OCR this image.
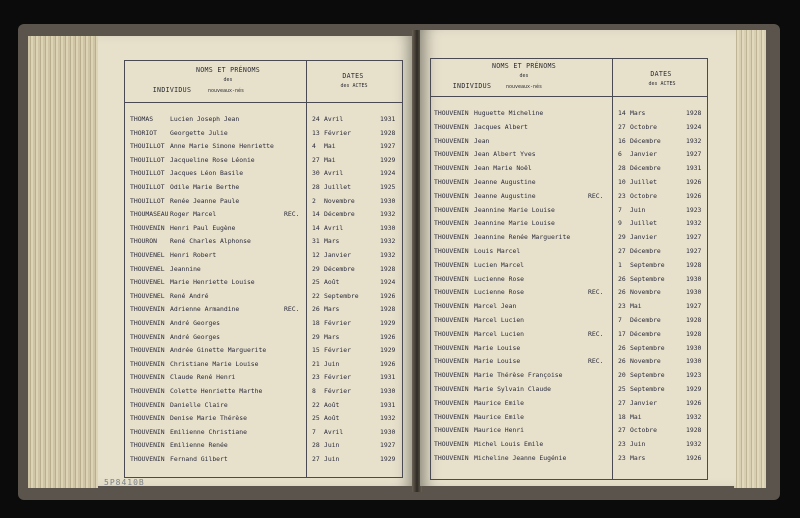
NOMS ET PRÉNOMS
des
INDIVIDUS	nouveaux-nés
DATES
des ACTES
THOMAS	Lucien Joseph Jean	24 Avril	1931
THORIOT Georgette Julie	13 Février	1928
THOUILLOT Anne Marie Simone Henriette	4 Mai	1927
THOUILLOT Jacqueline Rose Léonie	27 Mai	1929
THOUILLOT Jacques Léon Basile	30 Avril	1924
THOUILLOT Odile Marie Berthe	28 Juillet	1925
THOUILLOT Renée Jeanne Paule	2 Novembre	1930
THOUMASEAU Roger Marcel	REC. 14 Décembre	1932
THOUVENIN Henri Paul Eugène	14 Avril	1930
THOURON René Charles Alphonse	31 Mars	1932
THOUVENEL Henri Robert	12 Janvier	1932
THOUVENEL Jeannine	29 Décembre	1928
THOUVENEL Marie Henriette Louise	25 Août	1924
THOUVENEL René André	22 Septembre	1926
THOUVENIN Adrienne Armandine	REC. 26 Mars	1928
THOUVENIN André Georges	18 Février	1929
THOUVENIN André Georges	29 Mars	1926
THOUVENIN Andrée Ginette Marguerite	15 Février	1929
THOUVENIN Christiane Marie Louise	21 Juin	1926
THOUVENIN Claude René Henri	23 Février	1931
THOUVENIN Colette Henriette Marthe	8 Février	1930
THOUVENIN Danielle Claire	22 Août	1931
THOUVENIN Denise Marie Thérèse	25 Août	1932
THOUVENIN Emilienne Christiane	7 Avril	1930
THOUVENIN Emilienne Renée	28 Juin	1927
THOUVENIN Fernand Gilbert	27 Juin	1929
NOMS ET PRÉNOMS
des
INDIVIDUS	nouveaux-nés
DATES
des ACTES
THOUVENIN Huguette Micheline	14 Mars	1928
THOUVENIN Jacques Albert	27 Octobre	1924
THOUVENIN Jean	16 Décembre	1932
THOUVENIN Jean Albert Yves	6 Janvier	1927
THOUVENIN Jean Marie Noël	28 Décembre	1931
THOUVENIN Jeanne Augustine	10 Juillet	1926
THOUVENIN Jeanne Augustine	REC. 23 Octobre	1926
THOUVENIN Jeannine Marie Louise	7 Juin	1923
THOUVENIN Jeannine Marie Louise	9 Juillet	1932
THOUVENIN Jeannine Renée Marguerite	29 Janvier	1927
THOUVENIN Louis Marcel	27 Décembre	1927
THOUVENIN Lucien Marcel	1 Septembre	1928
THOUVENIN Lucienne Rose	26 Septembre	1930
THOUVENIN Lucienne Rose	REC. 26 Novembre	1930
THOUVENIN Marcel Jean	23 Mai	1927
THOUVENIN Marcel Lucien	7 Décembre	1928
THOUVENIN Marcel Lucien	REC. 17 Décembre	1928
THOUVENIN Marie Louise	26 Septembre	1930
THOUVENIN Marie Louise	REC. 26 Novembre	1930
THOUVENIN Marie Thérèse Françoise	20 Septembre	1923
THOUVENIN Marie Sylvain Claude	25 Septembre	1929
THOUVENIN Maurice Emile	27 Janvier	1926
THOUVENIN Maurice Emile	18 Mai	1932
THOUVENIN Maurice Henri	27 Octobre	1928
THOUVENIN Michel Louis Emile	23 Juin	1932
THOUVENIN Micheline Jeanne Eugénie	23 Mars	1926
5P8410B
